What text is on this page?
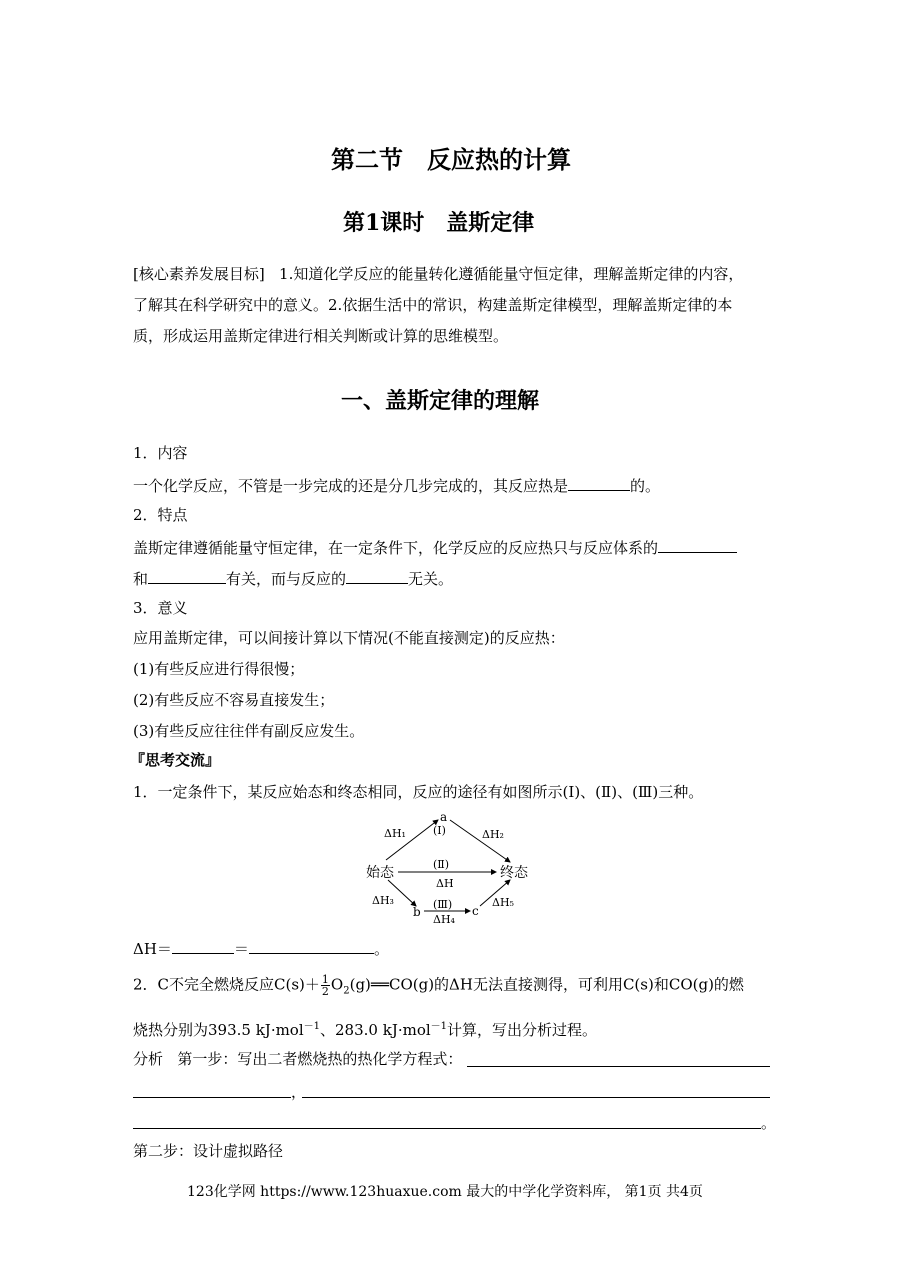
第二节　反应热的计算
第1课时　盖斯定律
[核心素养发展目标] 1.知道化学反应的能量转化遵循能量守恒定律，理解盖斯定律的内容，
了解其在科学研究中的意义。2.依据生活中的常识，构建盖斯定律模型，理解盖斯定律的本
质，形成运用盖斯定律进行相关判断或计算的思维模型。
一、盖斯定律的理解
1．内容
一个化学反应，不管是一步完成的还是分几步完成的，其反应热是	的。
2．特点
盖斯定律遵循能量守恒定律，在一定条件下，化学反应的反应热只与反应体系的
和	有关，而与反应的	无关。
3．意义
应用盖斯定律，可以间接计算以下情况(不能直接测定)的反应热：
(1)有些反应进行得很慢；
(2)有些反应不容易直接发生；
(3)有些反应往往伴有副反应发生。
『思考交流』
1．一定条件下，某反应始态和终态相同，反应的途径有如图所示(Ⅰ)、(Ⅱ)、(Ⅲ)三种。
a
始态	终态
b	c
(Ⅰ)
(Ⅱ)
(Ⅲ)
ΔH₁	ΔH₂
ΔH
ΔH₃
ΔH₄
ΔH₅
ΔH＝	＝	。
2．C不完全燃烧反应$C(s)+ \frac{1}{2}$ $O_2(g)══CO(g)$的ΔH无法直接测得，可利用C(s)和CO(g)的燃
烧热分别为393.5 kJ·mol$^{-1}$、283.0 kJ·mol$^{-1}$计算，写出分析过程。
分析 第一步：写出二者燃烧热的热化学方程式：
，
。
第二步：设计虚拟路径
123化学网 https://www.123huaxue.com 最大的中学化学资料库， 第1页 共4页
